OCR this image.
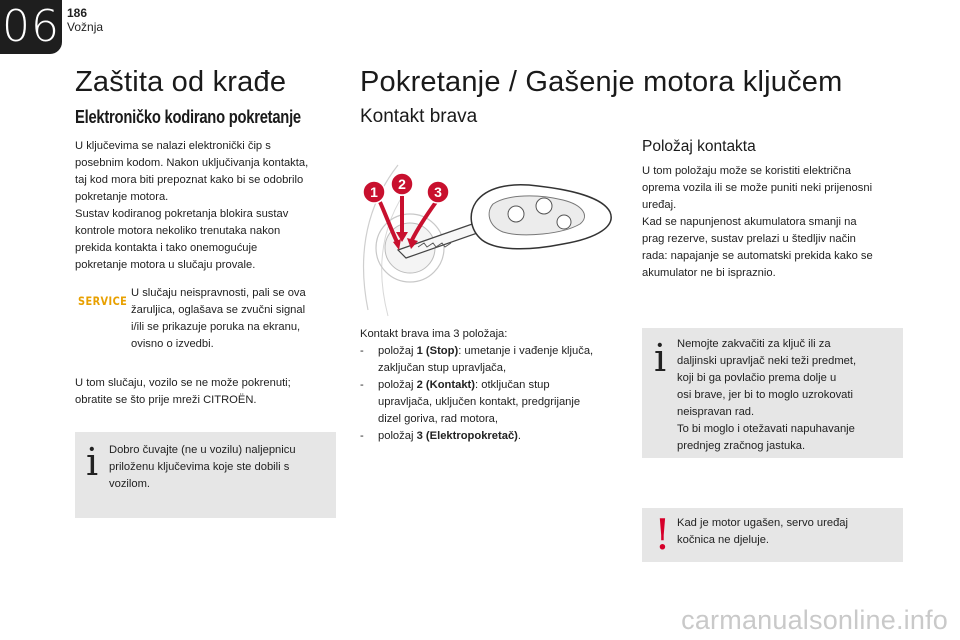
06 186
Vožnja
Zaštita od krađe
Elektroničko kodirano pokretanje
U ključevima se nalazi elektronički čip s
posebnim kodom. Nakon uključivanja kontakta,
taj kod mora biti prepoznat kako bi se odobrilo
pokretanje motora.
Sustav kodiranog pokretanja blokira sustav
kontrole motora nekoliko trenutaka nakon
prekida kontakta i tako onemogućuje
pokretanje motora u slučaju provale.
SERVICE
U slučaju neispravnosti, pali se ova
žaruljica, oglašava se zvučni signal
i/ili se prikazuje poruka na ekranu,
ovisno o izvedbi.
U tom slučaju, vozilo se ne može pokrenuti;
obratite se što prije mreži CITROËN.
i Dobro čuvajte (ne u vozilu) naljepnicu
priloženu ključevima koje ste dobili s
vozilom.
Pokretanje / Gašenje motora ključem
Kontakt brava
1 2 3
Kontakt brava ima 3 položaja:
- položaj 1 (Stop): umetanje i vađenje ključa,
zaključan stup upravljača,
- položaj 2 (Kontakt): otključan stup
upravljača, uključen kontakt, predgrijanje
dizel goriva, rad motora,
- položaj 3 (Elektropokretač).
Položaj kontakta
U tom položaju može se koristiti električna
oprema vozila ili se može puniti neki prijenosni
uređaj.
Kad se napunjenost akumulatora smanji na
prag rezerve, sustav prelazi u štedljiv način
rada: napajanje se automatski prekida kako se
akumulator ne bi ispraznio.
i Nemojte zakvačiti za ključ ili za
daljinski upravljač neki teži predmet,
koji bi ga povlačio prema dolje u
osi brave, jer bi to moglo uzrokovati
neispravan rad.
To bi moglo i otežavati napuhavanje
prednjeg zračnog jastuka.
! Kad je motor ugašen, servo uređaj
kočnica ne djeluje.
carmanualsonline.info
